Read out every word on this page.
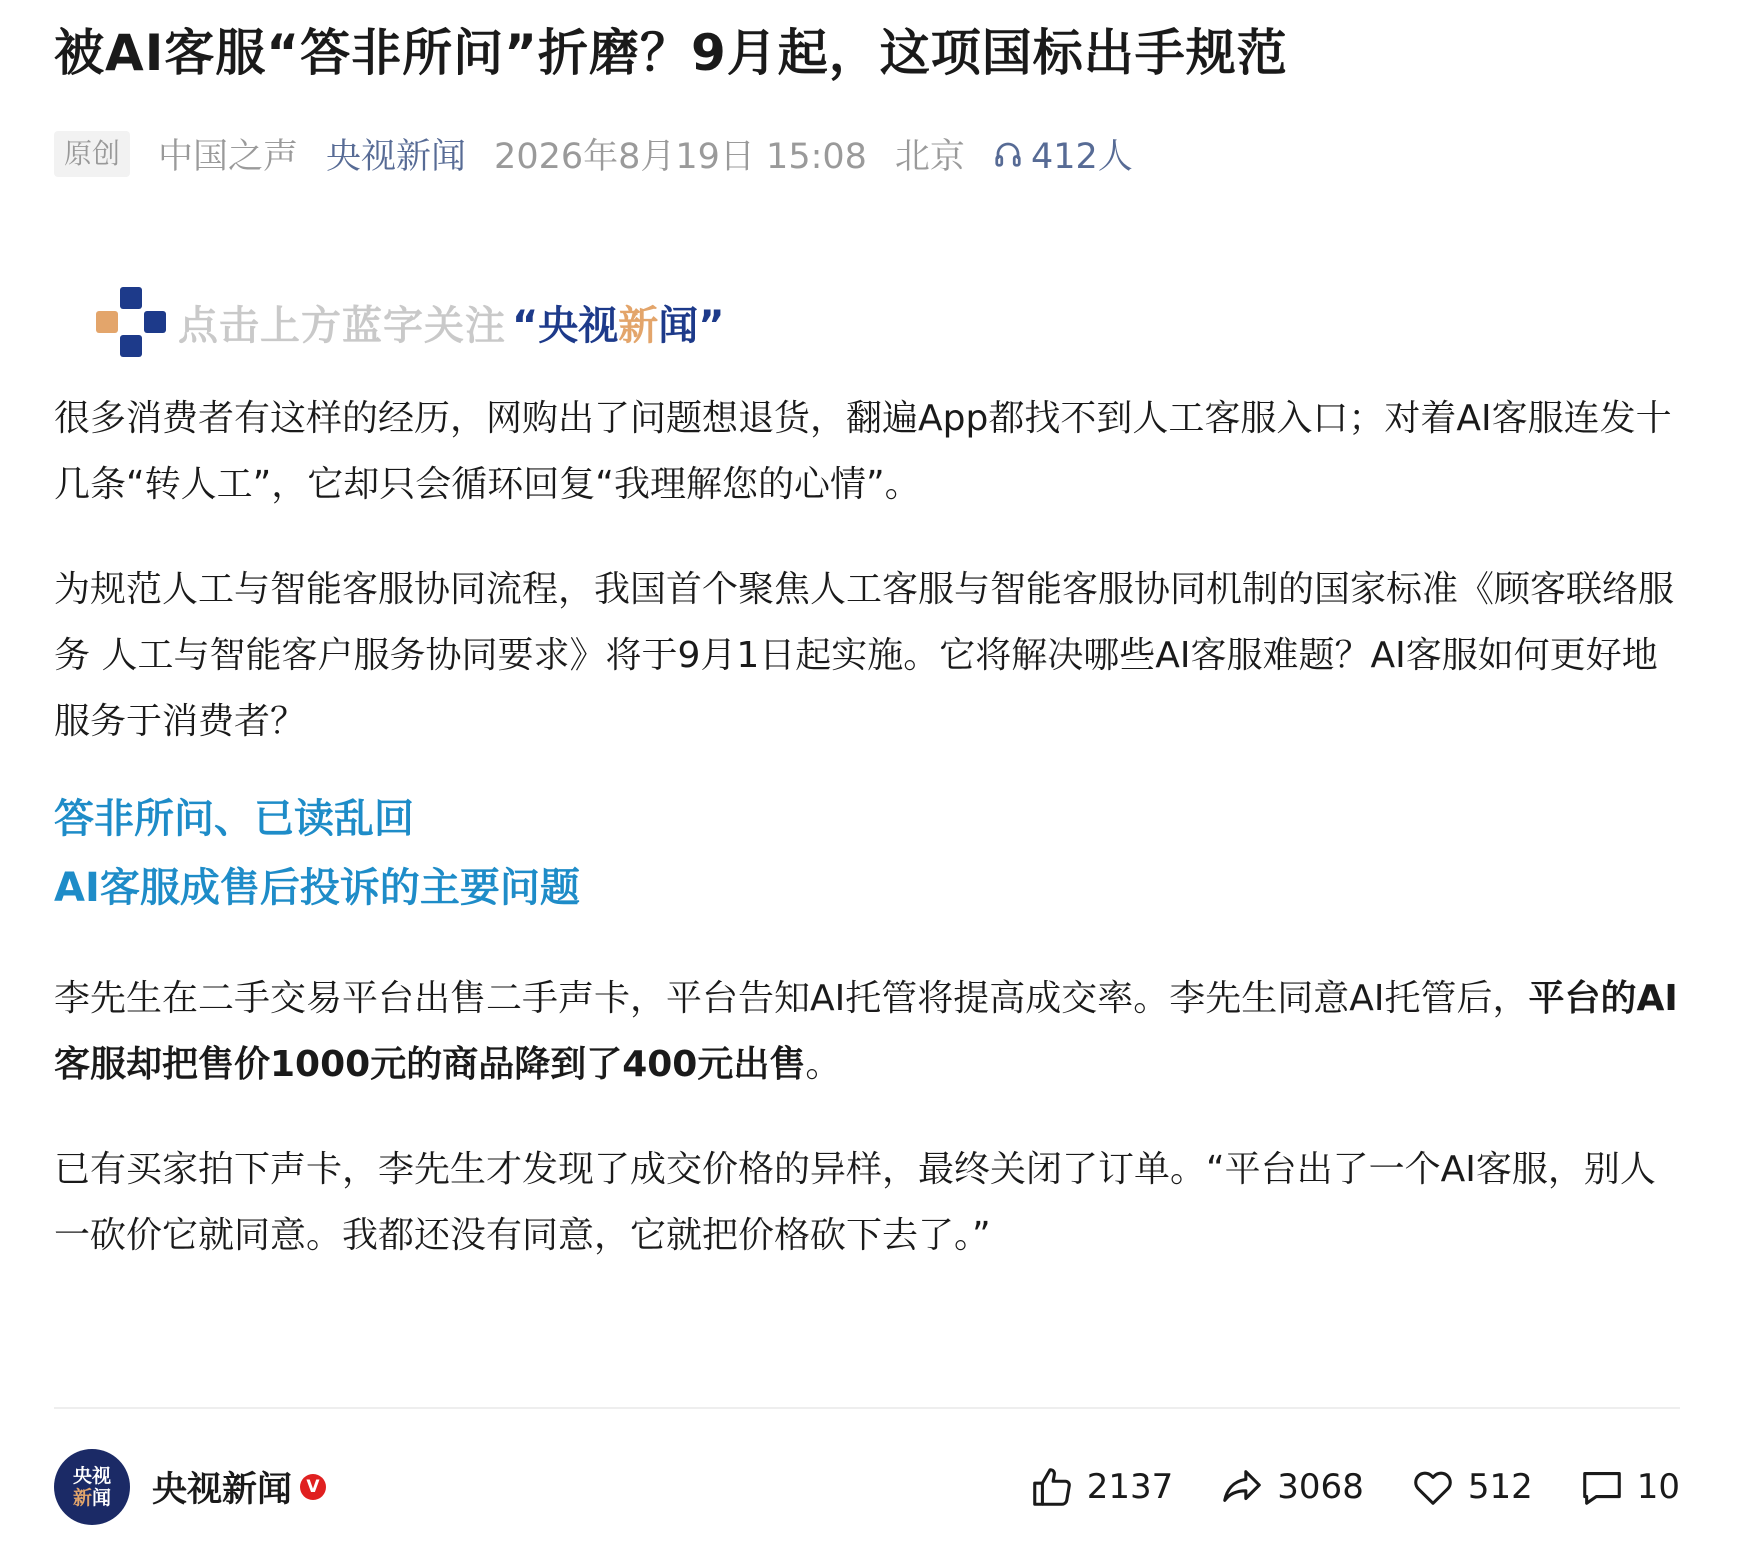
被AI客服“答非所问”折磨？9月起，这项国标出手规范
原创 中国之声 央视新闻 2026年8月19日 15:08 北京 412人
点击上方蓝字关注 “央视新闻”

很多消费者有这样的经历，网购出了问题想退货，翻遍App都找不到人工客服入口；对着AI客服连发十几条“转人工”，它却只会循环回复“我理解您的心情”。

为规范人工与智能客服协同流程，我国首个聚焦人工客服与智能客服协同机制的国家标准《顾客联络服务 人工与智能客户服务协同要求》将于9月1日起实施。它将解决哪些AI客服难题？AI客服如何更好地服务于消费者？

答非所问、已读乱回

AI客服成售后投诉的主要问题

李先生在二手交易平台出售二手声卡，平台告知AI托管将提高成交率。李先生同意AI托管后，平台的AI客服却把售价1000元的商品降到了400元出售。

已有买家拍下声卡，李先生才发现了成交价格的异样，最终关闭了订单。“平台出了一个AI客服，别人一砍价它就同意。我都还没有同意，它就把价格砍下去了。”

央视
新闻 央视新闻 V	2137	3068	512	10
